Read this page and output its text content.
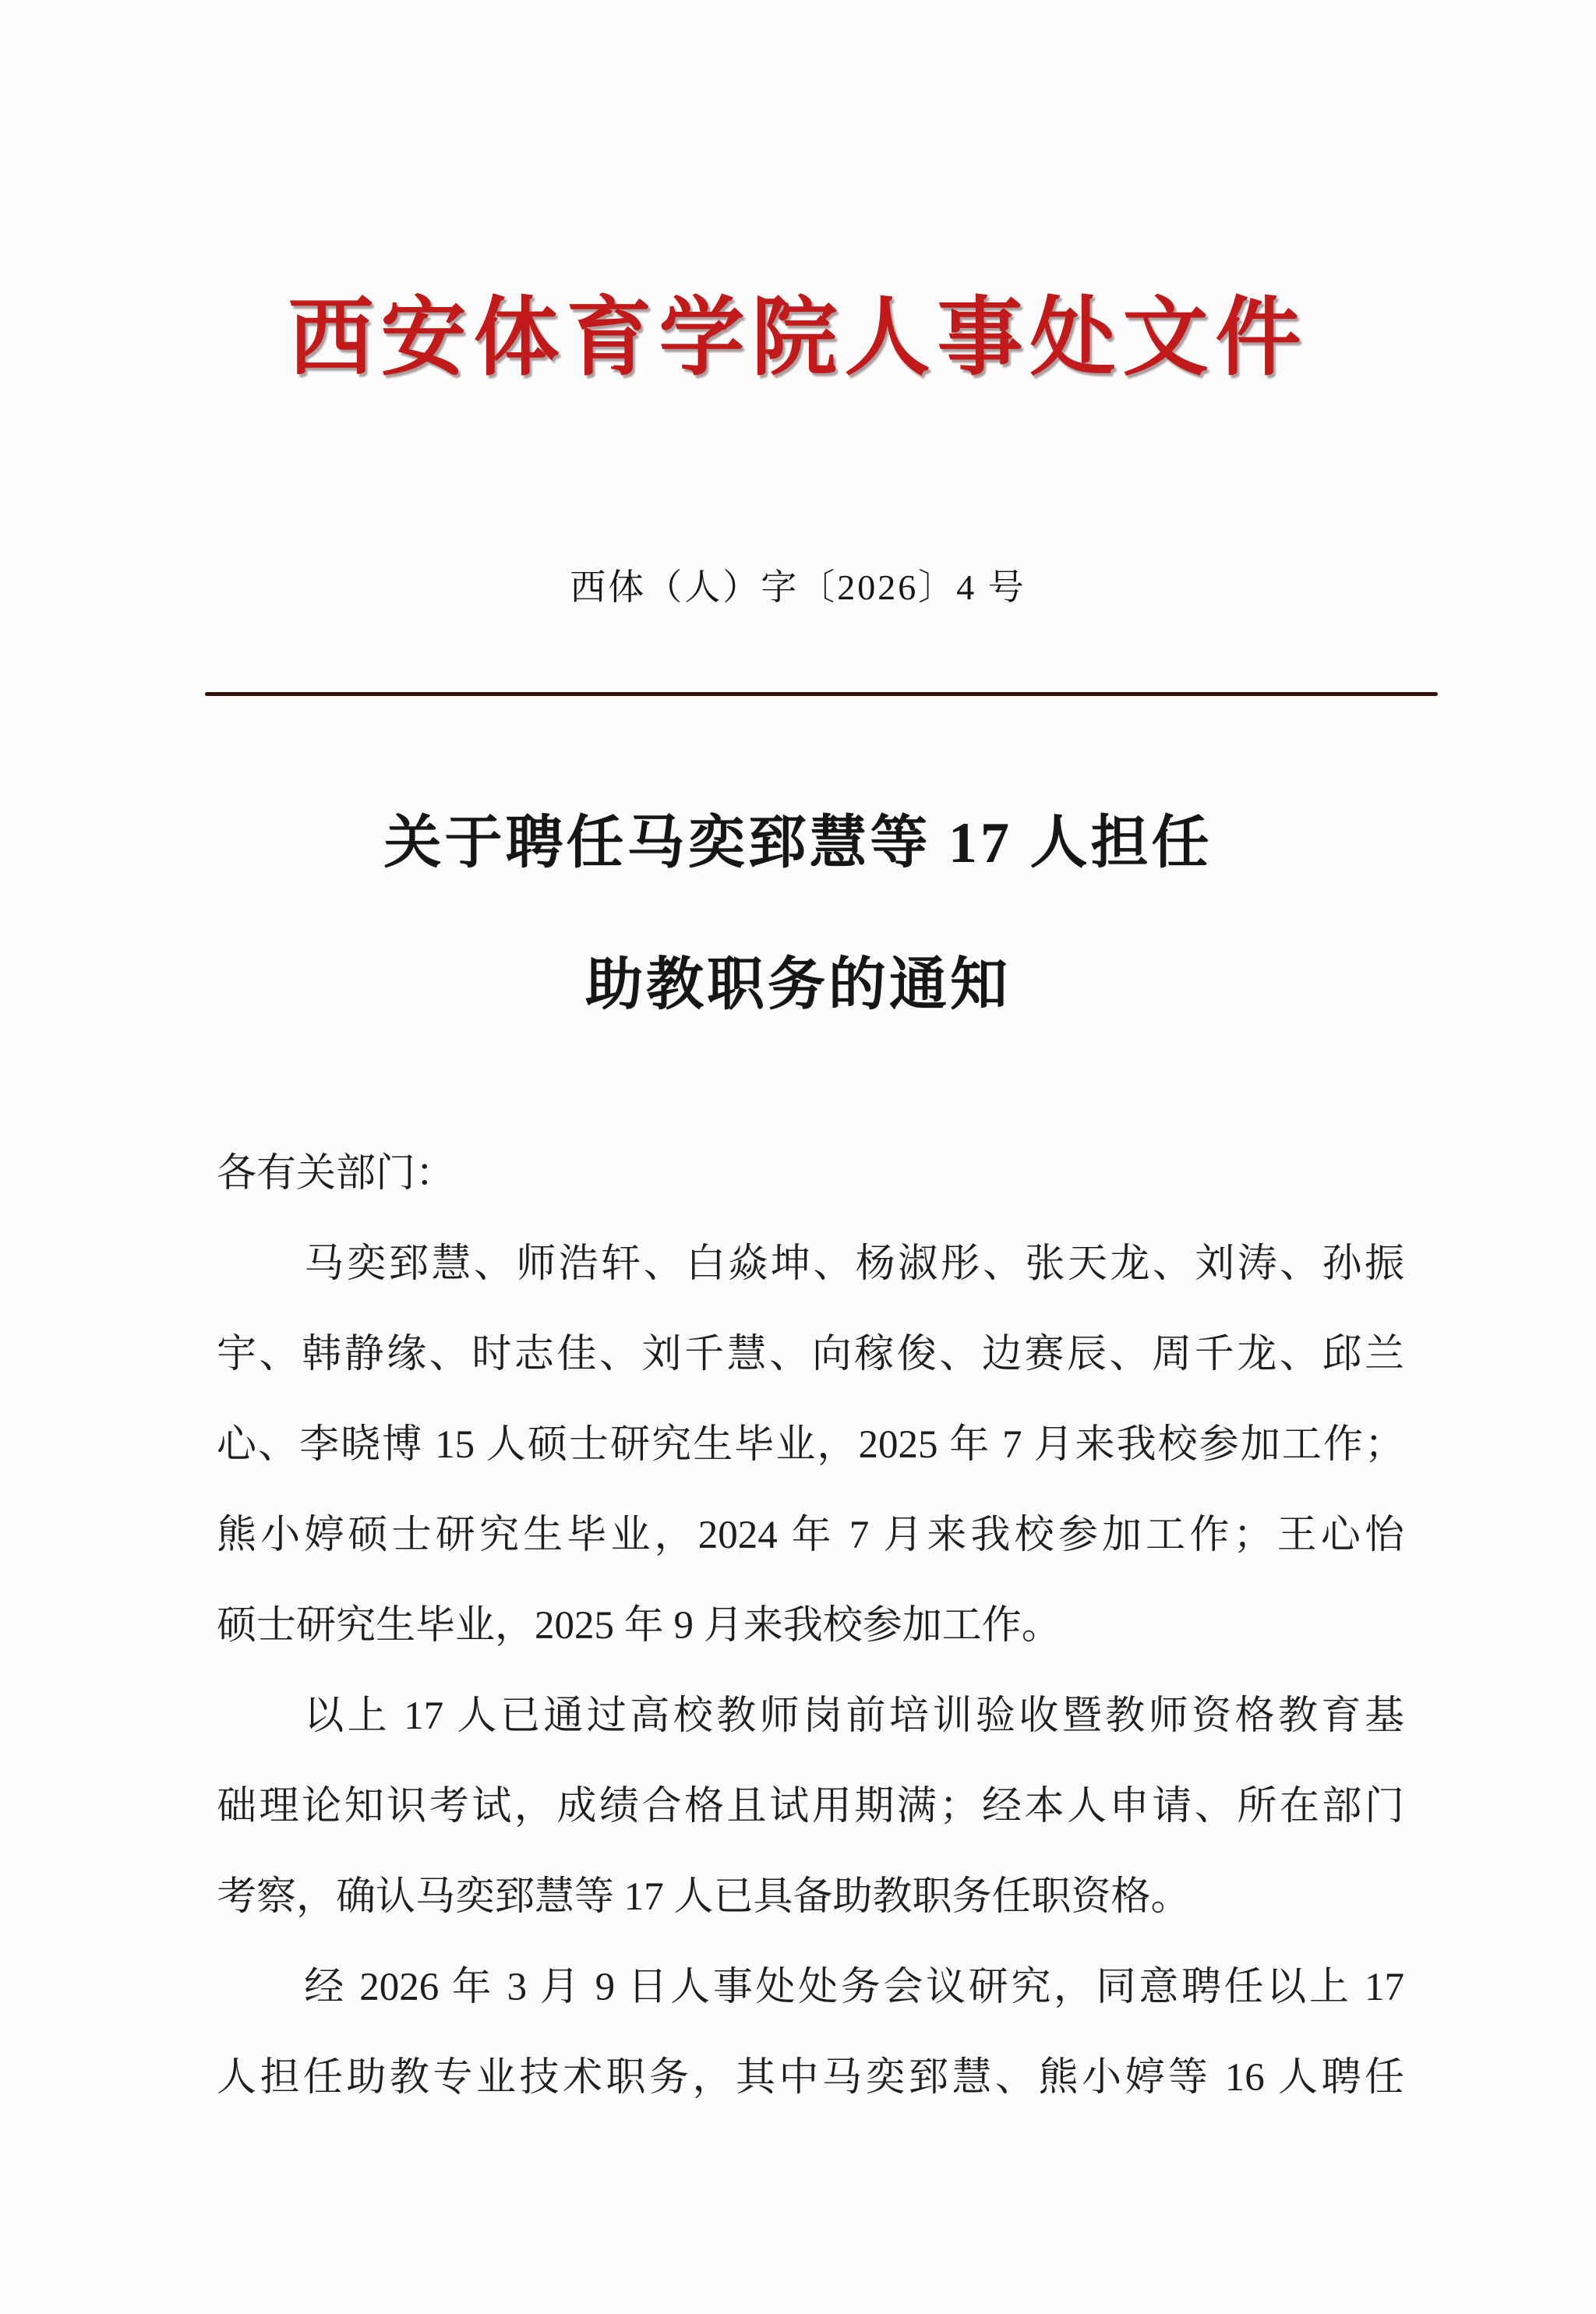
西安体育学院人事处文件
西体（人）字〔2026〕4 号
关于聘任马奕郅慧等 17 人担任
助教职务的通知
各有关部门：
马奕郅慧、师浩轩、白焱坤、杨淑彤、张天龙、刘涛、孙振
宇、韩静缘、时志佳、刘千慧、向稼俊、边赛辰、周千龙、邱兰
心、李晓博 15 人硕士研究生毕业，2025 年 7 月来我校参加工作；
熊小婷硕士研究生毕业，2024 年 7 月来我校参加工作；王心怡
硕士研究生毕业，2025 年 9 月来我校参加工作。
以上 17 人已通过高校教师岗前培训验收暨教师资格教育基
础理论知识考试，成绩合格且试用期满；经本人申请、所在部门
考察，确认马奕郅慧等 17 人已具备助教职务任职资格。
经 2026 年 3 月 9 日人事处处务会议研究，同意聘任以上 17
人担任助教专业技术职务，其中马奕郅慧、熊小婷等 16 人聘任
